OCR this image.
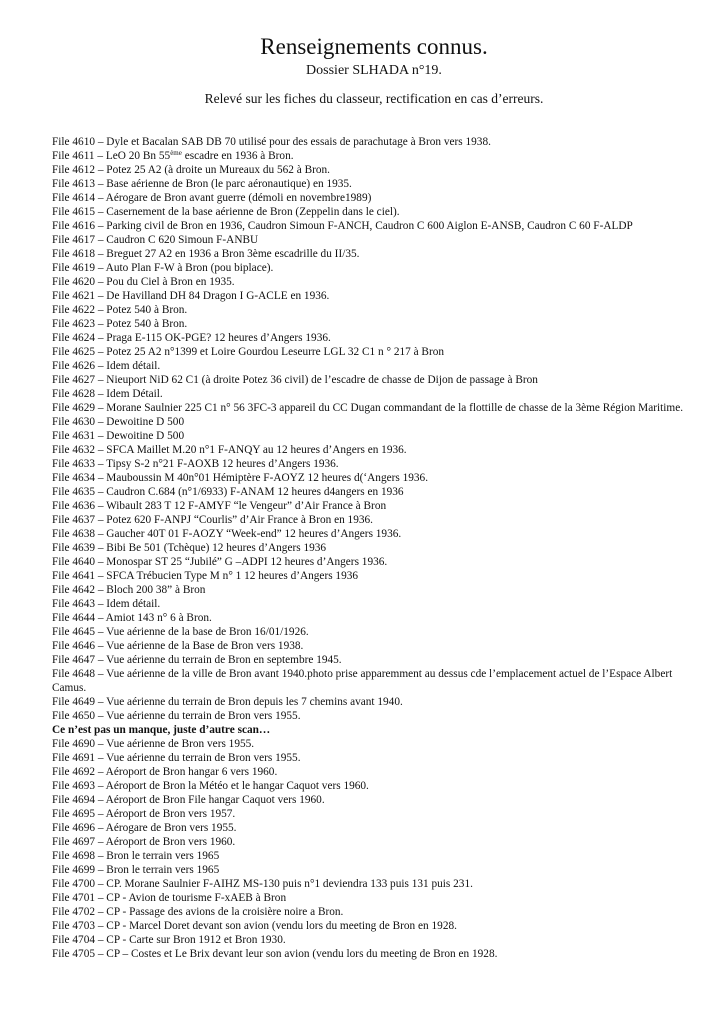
Renseignements connus.
Dossier SLHADA n°19.
Relevé sur les fiches du classeur, rectification en cas d’erreurs.

File 4610 – Dyle et Bacalan SAB DB 70 utilisé pour des essais de parachutage à Bron vers 1938.

File 4611 – LeO 20 Bn 55ème escadre en 1936 à Bron.

File 4612 – Potez 25 A2 (à droite un Mureaux du 562 à Bron.

File 4613 – Base aérienne de Bron (le parc aéronautique) en 1935.

File 4614 – Aérogare de Bron avant guerre (démoli en novembre1989)

File 4615 – Casernement de la base aérienne de Bron (Zeppelin dans le ciel).

File 4616 – Parking civil de Bron en 1936, Caudron Simoun F-ANCH, Caudron C 600 Aiglon E-ANSB, Caudron C 60 F-ALDP

File 4617 – Caudron C 620 Simoun F-ANBU

File 4618 – Breguet 27 A2 en 1936 a Bron 3ème escadrille du II/35.

File 4619 – Auto Plan F-W à Bron (pou biplace).

File 4620 – Pou du Ciel à Bron en 1935.

File 4621 – De Havilland DH 84 Dragon I G-ACLE en 1936.

File 4622 – Potez 540 à Bron.

File 4623 – Potez 540 à Bron.

File 4624 – Praga E-115 OK-PGE? 12 heures d’Angers 1936.

File 4625 – Potez 25 A2 n°1399 et Loire Gourdou Leseurre LGL 32 C1 n ° 217 à Bron

File 4626 – Idem détail.

File 4627 – Nieuport NiD 62 C1 (à droite Potez 36 civil) de l’escadre de chasse de Dijon de passage à Bron

File 4628 – Idem Détail.

File 4629 – Morane Saulnier 225 C1 n° 56 3FC-3 appareil du CC Dugan commandant de la flottille de chasse de la 3ème Région Maritime.

File 4630 – Dewoitine D 500

File 4631 – Dewoitine D 500

File 4632 – SFCA Maillet M.20 n°1 F-ANQY au 12 heures d’Angers en 1936.

File 4633 – Tipsy S-2 n°21 F-AOXB 12 heures d’Angers 1936.

File 4634 – Mauboussin M 40n°01 Hémiptère F-AOYZ 12 heures d(‘Angers 1936.

File 4635 – Caudron C.684 (n°1/6933) F-ANAM 12 heures d4angers en 1936

File 4636 – Wibault 283 T 12 F-AMYF “le Vengeur” d’Air France à Bron

File 4637 – Potez 620 F-ANPJ “Courlis” d’Air France à Bron en 1936.

File 4638 – Gaucher 40T 01 F-AOZY “Week-end” 12 heures d’Angers 1936.

File 4639 – Bibi Be 501 (Tchèque) 12 heures d’Angers 1936

File 4640 – Monospar ST 25 “Jubilé” G –ADPI 12 heures d’Angers 1936.

File 4641 – SFCA Trébucien Type M n° 1 12 heures d’Angers 1936

File 4642 – Bloch 200 38” à Bron

File 4643 – Idem détail.

File 4644 – Amiot 143 n° 6 à Bron.

File 4645 – Vue aérienne de la base de Bron 16/01/1926.

File 4646 – Vue aérienne de la Base de Bron vers 1938.

File 4647 – Vue aérienne du terrain de Bron en septembre 1945.

File 4648 – Vue aérienne de la ville de Bron avant 1940.photo prise apparemment au dessus cde l’emplacement actuel de l’Espace Albert Camus.

File 4649 – Vue aérienne du terrain de Bron depuis les 7 chemins avant 1940.

File 4650 – Vue aérienne du terrain de Bron vers 1955.

Ce n’est pas un manque, juste d’autre scan…

File 4690 – Vue aérienne de Bron vers 1955.

File 4691 – Vue aérienne du terrain de Bron vers 1955.

File 4692 – Aéroport de Bron hangar 6 vers 1960.

File 4693 – Aéroport de Bron la Météo et le hangar Caquot vers 1960.

File 4694 – Aéroport de Bron File hangar Caquot vers 1960.

File 4695 – Aéroport de Bron vers 1957.

File 4696 – Aérogare de Bron vers 1955.

File 4697 – Aéroport de Bron vers 1960.

File 4698 – Bron le terrain vers 1965

File 4699 – Bron le terrain vers 1965

File 4700 – CP. Morane Saulnier F-AIHZ MS-130 puis n°1 deviendra 133 puis 131 puis 231.

File 4701 – CP - Avion de tourisme F-xAEB à Bron

File 4702 – CP - Passage des avions de la croisière noire a Bron.

File 4703 – CP - Marcel Doret devant son avion (vendu lors du meeting de Bron en 1928.

File 4704 – CP - Carte sur Bron 1912 et Bron 1930.

File 4705 – CP – Costes et Le Brix devant leur son avion (vendu lors du meeting de Bron en 1928.
